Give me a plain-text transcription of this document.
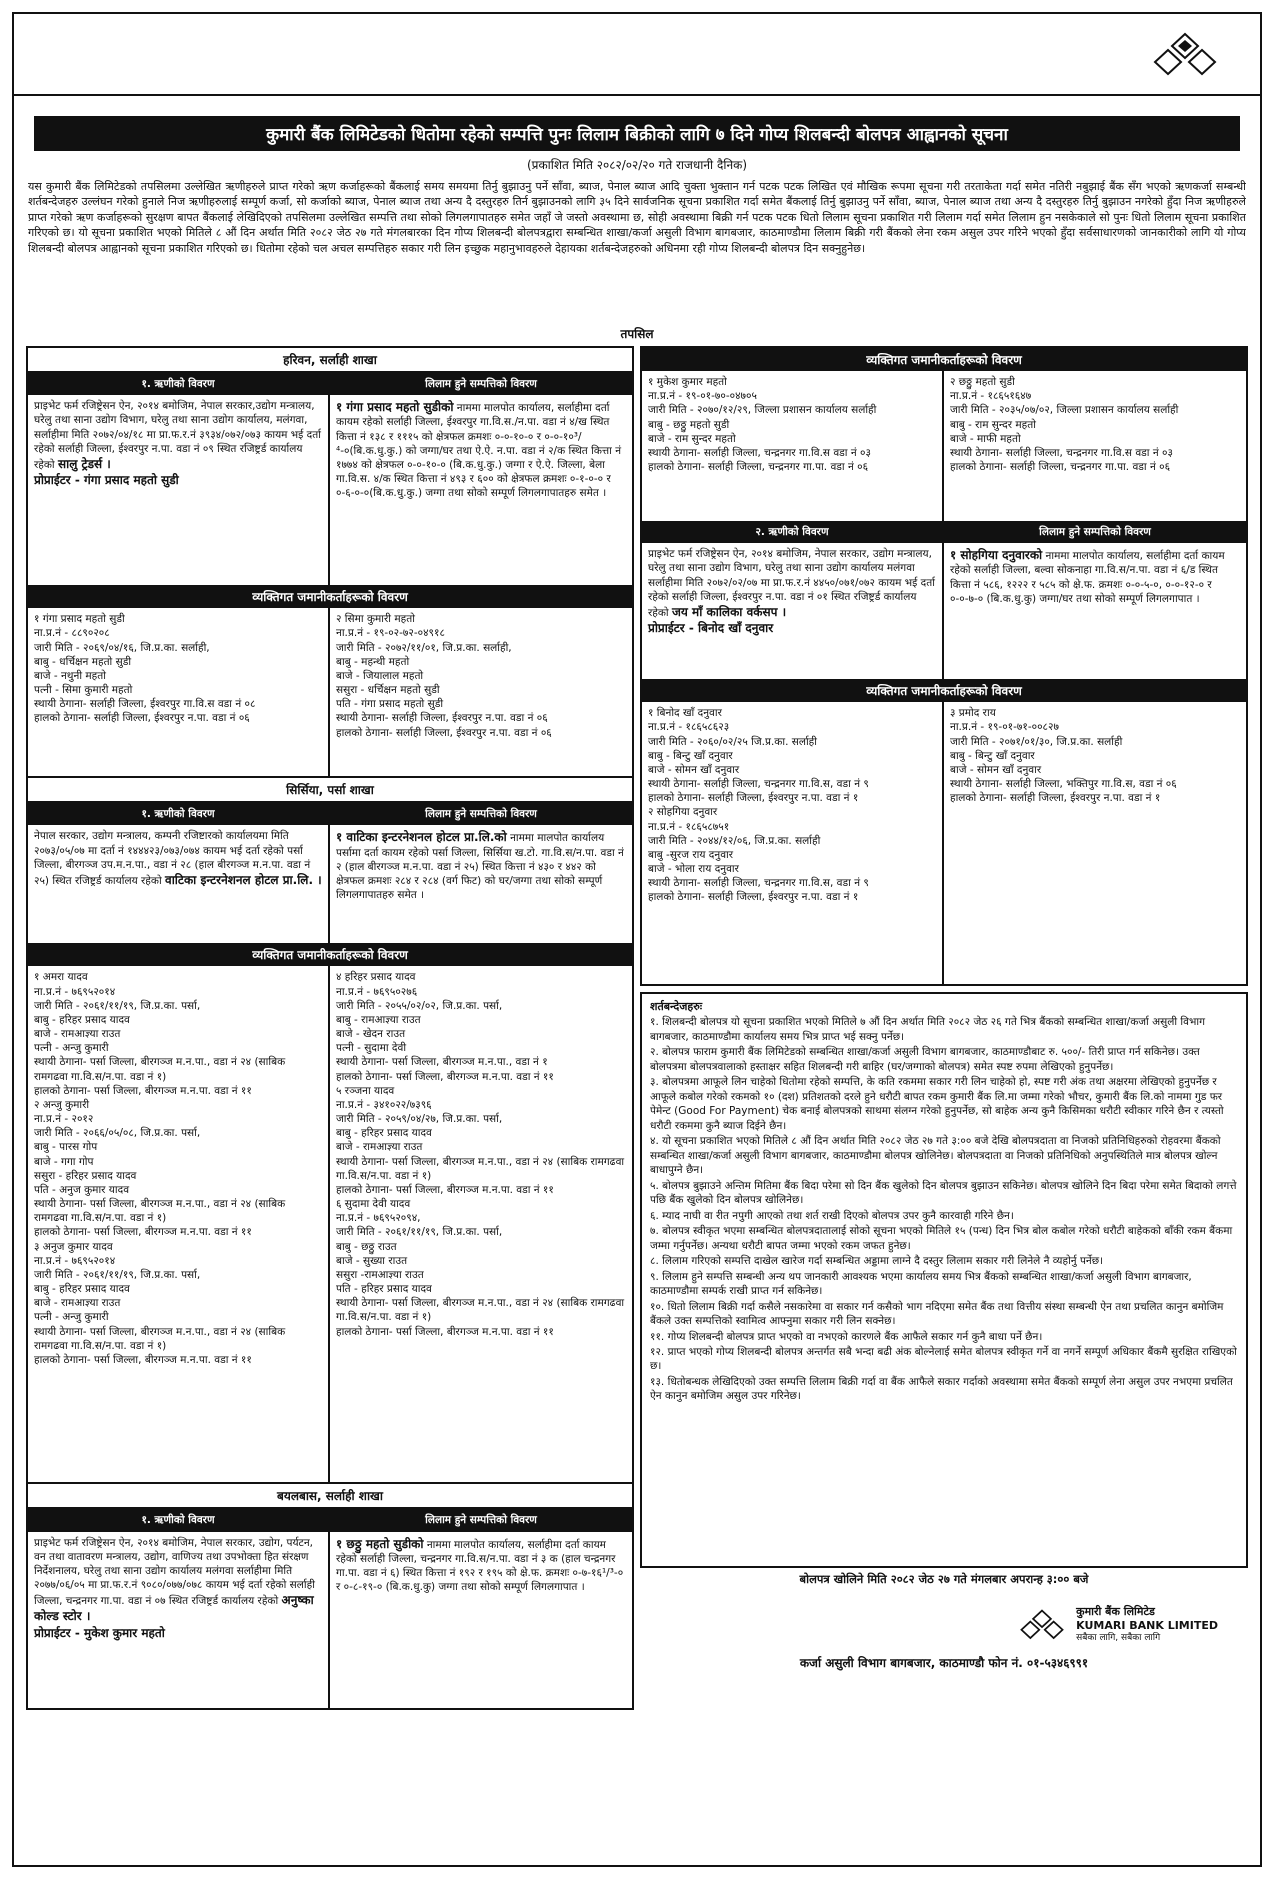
कुमारी बैंक लिमिटेडको धितोमा रहेको सम्पत्ति पुनः लिलाम बिक्रीको लागि ७ दिने गोप्य शिलबन्दी बोलपत्र आह्वानको सूचना
(प्रकाशित मिति २०८२/०२/२० गते राजधानी दैनिक)
यस कुमारी बैंक लिमिटेडको तपसिलमा उल्लेखित ऋणीहरुले प्राप्त गरेको ऋण कर्जाहरूको बैंकलाई समय समयमा तिर्नु बुझाउनु पर्ने साँवा, ब्याज, पेनाल ब्याज आदि चुक्ता भुक्तान गर्न पटक पटक लिखित एवं मौखिक रूपमा सूचना गरी तरताकेता गर्दा समेत नतिरी नबुझाई बैंक सँग भएको ऋणकर्जा सम्बन्धी शर्तबन्देजहरु उल्लंघन गरेको हुनाले निज ऋणीहरुलाई सम्पूर्ण कर्जा, सो कर्जाको ब्याज, पेनाल ब्याज तथा अन्य दै दस्तुरहरु तिर्न बुझाउनको लागि ३५ दिने सार्वजनिक सूचना प्रकाशित गर्दा समेत बैंकलाई तिर्नु बुझाउनु पर्ने साँवा, ब्याज, पेनाल ब्याज तथा अन्य दै दस्तुरहरु तिर्नु बुझाउन नगरेको हुँदा निज ऋणीहरुले प्राप्त गरेको ऋण कर्जाहरूको सुरक्षण बापत बैंकलाई लेखिदिएको तपसिलमा उल्लेखित सम्पत्ति तथा सोको लिगलगापातहरु समेत जहाँ जे जस्तो अवस्थामा छ, सोही अवस्थामा बिक्री गर्न पटक पटक धितो लिलाम सूचना प्रकाशित गरी लिलाम गर्दा समेत लिलाम हुन नसकेकाले सो पुनः धितो लिलाम सूचना प्रकाशित गरिएको छ। यो सूचना प्रकाशित भएको मितिले ८ औं दिन अर्थात मिति २०८२ जेठ २७ गते मंगलबारका दिन गोप्य शिलबन्दी बोलपत्रद्वारा सम्बन्धित शाखा/कर्जा असुली विभाग बागबजार, काठमाण्डौमा लिलाम बिक्री गरी बैंकको लेना रकम असुल उपर गरिने भएको हुँदा सर्वसाधारणको जानकारीको लागि यो गोप्य शिलबन्दी बोलपत्र आह्वानको सूचना प्रकाशित गरिएको छ। धितोमा रहेको चल अचल सम्पत्तिहरु सकार गरी लिन इच्छुक महानुभावहरुले देहायका शर्तबन्देजहरुको अधिनमा रही गोप्य शिलबन्दी बोलपत्र दिन सक्नुहुनेछ।
तपसिल
हरिवन, सर्लाही शाखा
१. ऋणीको विवरण	लिलाम हुने सम्पत्तिको विवरण
प्राइभेट फर्म रजिष्ट्रेसन ऐन, २०१४ बमोजिम, नेपाल सरकार,उद्योग मन्त्रालय, घरेलु तथा साना उद्योग विभाग, घरेलु तथा साना उद्योग कार्यालय, मलंगवा, सर्लाहीमा मिति २०७२/०४/१८ मा प्रा.फ.र.नं ३९३४/०७२/०७३ कायम भई दर्ता रहेको सर्लाही जिल्ला, ईश्वरपुर न.पा. वडा नं ०९ स्थित रजिष्ट्रर्ड कार्यालय रहेको सालु ट्रेडर्स ।
प्रोप्राईटर - गंगा प्रसाद महतो सुडी
१ गंगा प्रसाद महतो सुडीको नाममा मालपोत कार्यालय, सर्लाहीमा दर्ता कायम रहेको सर्लाही जिल्ला, ईश्वरपुर गा.वि.स./न.पा. वडा नं ४/ख स्थित कित्ता नं १३८ र १११५ को क्षेत्रफल क्रमशः ०-०-१०-० र ०-०-१०³/⁴-०(बि.क.धु.कु.) को जग्गा/घर तथा ऐ.ऐ. न.पा. वडा नं २/क स्थित कित्ता नं १७७४ को क्षेत्रफल ०-०-१०-० (बि.क.धु.कु.) जग्गा र ऐ.ऐ. जिल्ला, बेला गा.वि.स. ४/क स्थित कित्ता नं ४९३ र ६०० को क्षेत्रफल क्रमशः ०-१-०-० र ०-६-०-०(बि.क.धु.कु.) जग्गा तथा सोको सम्पूर्ण लिगलगापातहरु समेत ।
व्यक्तिगत जमानीकर्ताहरूको विवरण
१ गंगा प्रसाद महतो सुडी
ना.प्र.नं - ८८९०२०८
जारी मिति - २०६९/०४/१६, जि.प्र.का. सर्लाही,
बाबु - धर्चिक्षन महतो सुडी
बाजे - नथुनी महतो
पत्नी - सिमा कुमारी महतो
स्थायी ठेगाना- सर्लाही जिल्ला, ईश्वरपुर गा.वि.स वडा नं ०८
हालको ठेगाना- सर्लाही जिल्ला, ईश्वरपुर न.पा. वडा नं ०६
२ सिमा कुमारी महतो
ना.प्र.नं - १९-०२-७२-०४९१८
जारी मिति - २०७२/११/०१, जि.प्र.का. सर्लाही,
बाबु - महन्थी महतो
बाजे - जियालाल महतो
ससुरा - धर्चिक्षन महतो सुडी
पति - गंगा प्रसाद महतो सुडी
स्थायी ठेगाना- सर्लाही जिल्ला, ईश्वरपुर न.पा. वडा नं ०६
हालको ठेगाना- सर्लाही जिल्ला, ईश्वरपुर न.पा. वडा नं ०६
सिर्सिया, पर्सा शाखा
१. ऋणीको विवरण	लिलाम हुने सम्पत्तिको विवरण
नेपाल सरकार, उद्योग मन्त्रालय, कम्पनी रजिष्टारको कार्यालयमा मिति २०७३/०५/०७ मा दर्ता नं १४४४२३/०७३/०७४ कायम भई दर्ता रहेको पर्सा जिल्ला, बीरगञ्ज उप.म.न.पा., वडा नं २८ (हाल बीरगञ्ज म.न.पा. वडा नं २५) स्थित रजिष्ट्रर्ड कार्यालय रहेको वाटिका इन्टरनेशनल होटल प्रा.लि. ।
१ वाटिका इन्टरनेशनल होटल प्रा.लि.को नाममा मालपोत कार्यालय पर्सामा दर्ता कायम रहेको पर्सा जिल्ला, सिर्सिया ख.टो. गा.वि.स/न.पा. वडा नं २ (हाल बीरगञ्ज म.न.पा. वडा नं २५) स्थित कित्ता नं ४३० र ४४२ को क्षेत्रफल क्रमशः २८४ र २८४ (वर्ग फिट) को घर/जग्गा तथा सोको सम्पूर्ण लिगलगापातहरु समेत ।
व्यक्तिगत जमानीकर्ताहरूको विवरण
१ अमरा यादव
ना.प्र.नं - ७६९५२०१४
जारी मिति - २०६१/११/१९, जि.प्र.का. पर्सा,
बाबु - हरिहर प्रसाद यादव
बाजे - रामआज्ञ्या राउत
पत्नी - अन्जु कुमारी
स्थायी ठेगाना- पर्सा जिल्ला, बीरगञ्ज म.न.पा., वडा नं २४ (साबिक रामगढवा गा.वि.स/न.पा. वडा नं १)
हालको ठेगाना- पर्सा जिल्ला, बीरगञ्ज म.न.पा. वडा नं ११
२ अन्जु कुमारी
ना.प्र.नं - २०१२
जारी मिति - २०६६/०५/०८, जि.प्र.का. पर्सा,
बाबु - पारस गोप
बाजे - गगा गोप
ससुरा - हरिहर प्रसाद यादव
पति - अनुज कुमार यादव
स्थायी ठेगाना- पर्सा जिल्ला, बीरगञ्ज म.न.पा., वडा नं २४ (साबिक रामगढवा गा.वि.स/न.पा. वडा नं १)
हालको ठेगाना- पर्सा जिल्ला, बीरगञ्ज म.न.पा. वडा नं ११
३ अनुज कुमार यादव
ना.प्र.नं - ७६९५२०१४
जारी मिति - २०६१/११/१९, जि.प्र.का. पर्सा,
बाबु - हरिहर प्रसाद यादव
बाजे - रामआज्ञ्या राउत
पत्नी - अन्जु कुमारी
स्थायी ठेगाना- पर्सा जिल्ला, बीरगञ्ज म.न.पा., वडा नं २४ (साबिक रामगढवा गा.वि.स/न.पा. वडा नं १)
हालको ठेगाना- पर्सा जिल्ला, बीरगञ्ज म.न.पा. वडा नं ११
४ हरिहर प्रसाद यादव
ना.प्र.नं - ७६९५०२७६
जारी मिति - २०५५/०२/०२, जि.प्र.का. पर्सा,
बाबु - रामआज्ञ्या राउत
बाजे - खेदन राउत
पत्नी - सुदामा देवी
स्थायी ठेगाना- पर्सा जिल्ला, बीरगञ्ज म.न.पा., वडा नं १
हालको ठेगाना- पर्सा जिल्ला, बीरगञ्ज म.न.पा. वडा नं ११
५ रञ्जना यादव
ना.प्र.नं - ३४१०२२/७३९६
जारी मिति - २०५९/०४/२७, जि.प्र.का. पर्सा,
बाबु - हरिहर प्रसाद यादव
बाजे - रामआज्ञ्या राउत
स्थायी ठेगाना- पर्सा जिल्ला, बीरगञ्ज म.न.पा., वडा नं २४ (साबिक रामगढवा गा.वि.स/न.पा. वडा नं १)
हालको ठेगाना- पर्सा जिल्ला, बीरगञ्ज म.न.पा. वडा नं ११
६ सुदामा देवी यादव
ना.प्र.नं - ७६९५२०९४,
जारी मिति - २०६१/११/१९, जि.प्र.का. पर्सा,
बाबु - छठ्ठु राउत
बाजे - सुख्या राउत
ससुरा -रामआज्ञ्या राउत
पति - हरिहर प्रसाद यादव
स्थायी ठेगाना- पर्सा जिल्ला, बीरगञ्ज म.न.पा., वडा नं २४ (साबिक रामगढवा गा.वि.स/न.पा. वडा नं १)
हालको ठेगाना- पर्सा जिल्ला, बीरगञ्ज म.न.पा. वडा नं ११
बयलबास, सर्लाही शाखा
१. ऋणीको विवरण	लिलाम हुने सम्पत्तिको विवरण
प्राइभेट फर्म रजिष्ट्रेसन ऐन, २०१४ बमोजिम, नेपाल सरकार, उद्योग, पर्यटन, वन तथा वातावरण मन्त्रालय, उद्योग, वाणिज्य तथा उपभोक्ता हित संरक्षण निर्देशनालय, घरेलु तथा साना उद्योग कार्यालय मलंगवा सर्लाहीमा मिति २०७७/०६/०५ मा प्रा.फ.र.नं ९०८०/०७७/०७८ कायम भई दर्ता रहेको सर्लाही जिल्ला, चन्द्रनगर गा.पा. वडा नं ०७ स्थित रजिष्ट्रर्ड कार्यालय रहेको अनुष्का कोल्ड स्टोर ।
प्रोप्राईटर - मुकेश कुमार महतो
१ छठ्ठु महतो सुडीको नाममा मालपोत कार्यालय, सर्लाहीमा दर्ता कायम रहेको सर्लाही जिल्ला, चन्द्रनगर गा.वि.स/न.पा. वडा नं ३ क (हाल चन्द्रनगर गा.पा. वडा नं ६) स्थित कित्ता नं १९२ र १९५ को क्षे.फ. क्रमशः ०-७-१६¹/³-० र ०-८-१९-० (बि.क.धु.कु) जग्गा तथा सोको सम्पूर्ण लिगलगापात ।
व्यक्तिगत जमानीकर्ताहरूको विवरण
१ मुकेश कुमार महतो
ना.प्र.नं - १९-०१-७०-०४७०५
जारी मिति - २०७०/१२/२९, जिल्ला प्रशासन कार्यालय सर्लाही
बाबु - छठ्ठु महतो सुडी
बाजे - राम सुन्दर महतो
स्थायी ठेगाना- सर्लाही जिल्ला, चन्द्रनगर गा.वि.स वडा नं ०३
हालको ठेगाना- सर्लाही जिल्ला, चन्द्रनगर गा.पा. वडा नं ०६
२ छठ्ठु महतो सुडी
ना.प्र.नं - १८६५१६४७
जारी मिति - २०३५/०७/०२, जिल्ला प्रशासन कार्यालय सर्लाही
बाबु - राम सुन्दर महतो
बाजे - माफी महतो
स्थायी ठेगाना- सर्लाही जिल्ला, चन्द्रनगर गा.वि.स वडा नं ०३
हालको ठेगाना- सर्लाही जिल्ला, चन्द्रनगर गा.पा. वडा नं ०६
२. ऋणीको विवरण	लिलाम हुने सम्पत्तिको विवरण
प्राइभेट फर्म रजिष्ट्रेसन ऐन, २०१४ बमोजिम, नेपाल सरकार, उद्योग मन्त्रालय, घरेलु तथा साना उद्योग विभाग, घरेलु तथा साना उद्योग कार्यालय मलंगवा सर्लाहीमा मिति २०७२/०२/०७ मा प्रा.फ.र.नं ४४५०/०७१/०७२ कायम भई दर्ता रहेको सर्लाही जिल्ला, ईश्वरपुर न.पा. वडा नं ०१ स्थित रजिष्ट्रर्ड कार्यालय रहेको जय माँ कालिका वर्कसप ।
प्रोप्राईटर - बिनोद खाँ दनुवार
१ सोहगिया दनुवारको नाममा मालपोत कार्यालय, सर्लाहीमा दर्ता कायम रहेको सर्लाही जिल्ला, बल्वा सोकनाहा गा.वि.स/न.पा. वडा नं ६/ड स्थित कित्ता नं ५८६, १२२२ र ५८५ को क्षे.फ. क्रमशः ०-०-५-०, ०-०-१२-० र ०-०-७-० (बि.क.धु.कु) जग्गा/घर तथा सोको सम्पूर्ण लिगलगापात ।
व्यक्तिगत जमानीकर्ताहरूको विवरण
१ बिनोद खाँ दनुवार
ना.प्र.नं - १८६५८६२३
जारी मिति - २०६०/०२/२५ जि.प्र.का. सर्लाही
बाबु - बिन्टु खाँ दनुवार
बाजे - सोमन खाँ दनुवार
स्थायी ठेगाना- सर्लाही जिल्ला, चन्द्रनगर गा.वि.स, वडा नं ९
हालको ठेगाना- सर्लाही जिल्ला, ईश्वरपुर न.पा. वडा नं १
२ सोहगिया दनुवार
ना.प्र.नं - १८६५८७५१
जारी मिति - २०४४/१२/०६, जि.प्र.का. सर्लाही
बाबु -सुरज राय दनुवार
बाजे - भोला राय दनुवार
स्थायी ठेगाना- सर्लाही जिल्ला, चन्द्रनगर गा.वि.स, वडा नं ९
हालको ठेगाना- सर्लाही जिल्ला, ईश्वरपुर न.पा. वडा नं १
३ प्रमोद राय
ना.प्र.नं - १९-०१-७१-००८२७
जारी मिति - २०७१/०१/३०, जि.प्र.का. सर्लाही
बाबु - बिन्टु खाँ दनुवार
बाजे - सोमन खाँ दनुवार
स्थायी ठेगाना- सर्लाही जिल्ला, भक्तिपुर गा.वि.स, वडा नं ०६
हालको ठेगाना- सर्लाही जिल्ला, ईश्वरपुर न.पा. वडा नं १

शर्तबन्देजहरुः

१. शिलबन्दी बोलपत्र यो सूचना प्रकाशित भएको मितिले ७ औं दिन अर्थात मिति २०८२ जेठ २६ गते भित्र बैंकको सम्बन्धित शाखा/कर्जा असुली विभाग बागबजार, काठमाण्डौमा कार्यालय समय भित्र प्राप्त भई सक्नु पर्नेछ।

२. बोलपत्र फाराम कुमारी बैंक लिमिटेडको सम्बन्धित शाखा/कर्जा असुली विभाग बागबजार, काठमाण्डौबाट रु. ५००/- तिरी प्राप्त गर्न सकिनेछ। उक्त बोलपत्रमा बोलपत्रवालाको हस्ताक्षर सहित शिलबन्दी गरी बाहिर (घर/जग्गाको बोलपत्र) समेत स्पष्ट रुपमा लेखिएको हुनुपर्नेछ।

३. बोलपत्रमा आफूले लिन चाहेको धितोमा रहेको सम्पत्ति, के कति रकममा सकार गरी लिन चाहेको हो, स्पष्ट गरी अंक तथा अक्षरमा लेखिएको हुनुपर्नेछ र आफूले कबोल गरेको रकमको १० (दश) प्रतिशतको दरले हुने धरौटी बापत रकम कुमारी बैंक लि.मा जम्मा गरेको भौचर, कुमारी बैंक लि.को नाममा गुड फर पेमेन्ट (Good For Payment) चेक बनाई बोलपत्रको साथमा संलग्न गरेको हुनुपर्नेछ, सो बाहेक अन्य कुनै किसिमका धरौटी स्वीकार गरिने छैन र त्यस्तो धरौटी रकममा कुनै ब्याज दिईने छैन।

४. यो सूचना प्रकाशित भएको मितिले ८ औं दिन अर्थात मिति २०८२ जेठ २७ गते ३:०० बजे देखि बोलपत्रदाता वा निजको प्रतिनिधिहरुको रोहवरमा बैंकको सम्बन्धित शाखा/कर्जा असुली विभाग बागबजार, काठमाण्डौमा बोलपत्र खोलिनेछ। बोलपत्रदाता वा निजको प्रतिनिधिको अनुपस्थितिले मात्र बोलपत्र खोल्न बाधापुग्ने छैन।

५. बोलपत्र बुझाउने अन्तिम मितिमा बैंक बिदा परेमा सो दिन बैंक खुलेको दिन बोलपत्र बुझाउन सकिनेछ। बोलपत्र खोलिने दिन बिदा परेमा समेत बिदाको लगत्ते पछि बैंक खुलेको दिन बोलपत्र खोलिनेछ।

६. म्याद नाघी वा रीत नपुगी आएको तथा शर्त राखी दिएको बोलपत्र उपर कुनै कारवाही गरिने छैन।

७. बोलपत्र स्वीकृत भएमा सम्बन्धित बोलपत्रदातालाई सोको सूचना भएको मितिले १५ (पन्ध) दिन भित्र बोल कबोल गरेको धरौटी बाहेकको बाँकी रकम बैंकमा जम्मा गर्नुपर्नेछ। अन्यथा धरौटी बापत जम्मा भएको रकम जफत हुनेछ।

८. लिलाम गरिएको सम्पत्ति दाखेल खारेज गर्दा सम्बन्धित अड्डामा लाग्ने दै दस्तुर लिलाम सकार गरी लिनेले नै व्यहोर्नु पर्नेछ।

९. लिलाम हुने सम्पत्ति सम्बन्धी अन्य थप जानकारी आवश्यक भएमा कार्यालय समय भित्र बैंकको सम्बन्धित शाखा/कर्जा असुली विभाग बागबजार, काठमाण्डौमा सम्पर्क राखी प्राप्त गर्न सकिनेछ।

१०. धितो लिलाम बिक्री गर्दा कसैले नसकारेमा वा सकार गर्न कसैको भाग नदिएमा समेत बैंक तथा वित्तीय संस्था सम्बन्धी ऐन तथा प्रचलित कानुन बमोजिम बैंकले उक्त सम्पत्तिको स्वामित्व आफ्नुमा सकार गरी लिन सक्नेछ।

११. गोप्य शिलबन्दी बोलपत्र प्राप्त भएको वा नभएको कारणले बैंक आफैले सकार गर्न कुनै बाधा पर्ने छैन।

१२. प्राप्त भएको गोप्य शिलबन्दी बोलपत्र अन्तर्गत सबै भन्दा बढी अंक बोल्नेलाई समेत बोलपत्र स्वीकृत गर्ने वा नगर्ने सम्पूर्ण अधिकार बैंकमै सुरक्षित राखिएको छ।

१३. धितोबन्धक लेखिदिएको उक्त सम्पत्ति लिलाम बिक्री गर्दा वा बैंक आफैले सकार गर्दाको अवस्थामा समेत बैंकको सम्पूर्ण लेना असुल उपर नभएमा प्रचलित ऐन कानुन बमोजिम असुल उपर गरिनेछ।

बोलपत्र खोलिने मिति २०८२ जेठ २७ गते मंगलबार अपरान्ह ३:०० बजे
कुमारी बैंक लिमिटेड
KUMARI BANK LIMITED
सबैका लागि, सबैका लागि
कर्जा असुली विभाग बागबजार, काठमाण्डौ फोन नं. ०१-५३४६९९१
